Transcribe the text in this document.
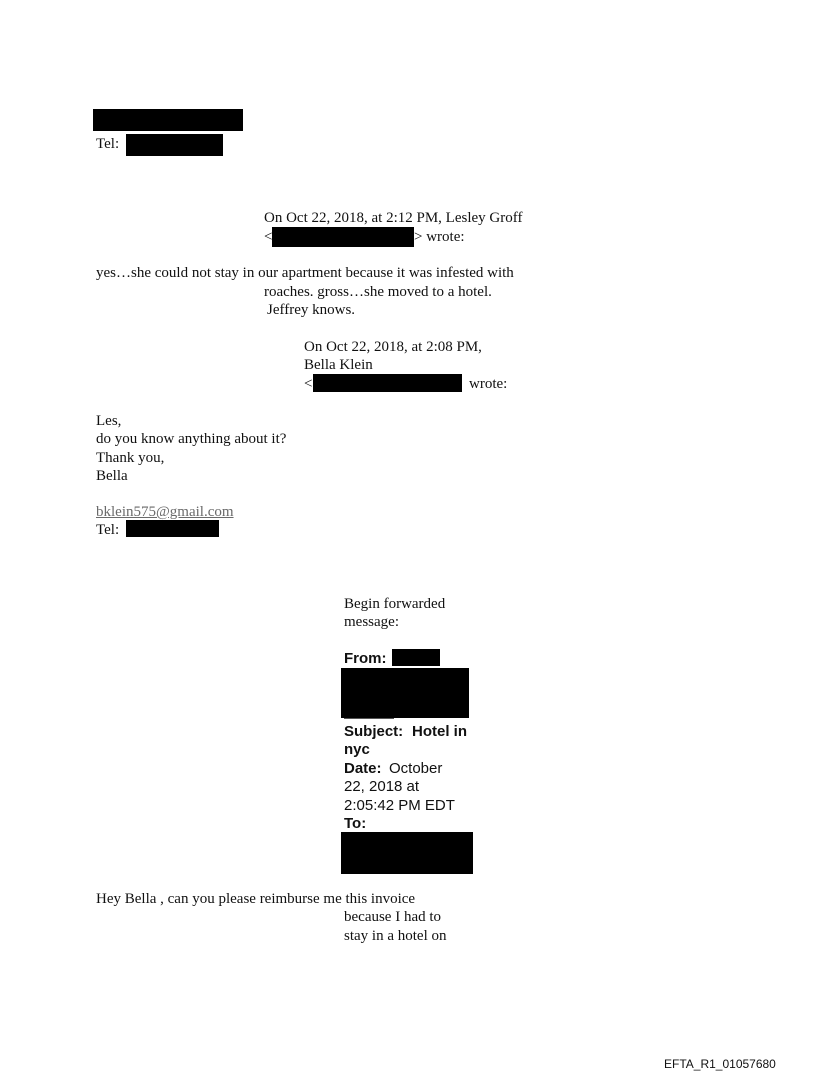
Tel:
On Oct 22, 2018, at 2:12 PM, Lesley Groff
<	> wrote:
yes…she could not stay in our apartment because it was infested with
roaches. gross…she moved to a hotel.
Jeffrey knows.
On Oct 22, 2018, at 2:08 PM,
Bella Klein
<	wrote:
Les,
do you know anything about it?
Thank you,
Bella
bklein575@gmail.com
Tel:
Begin forwarded
message:
From:
Subject: Hotel in
nyc
Date: October
22, 2018 at
2:05:42 PM EDT
To:
Hey Bella , can you please reimburse me this invoice
because I had to
stay in a hotel on
EFTA_R1_01057680
